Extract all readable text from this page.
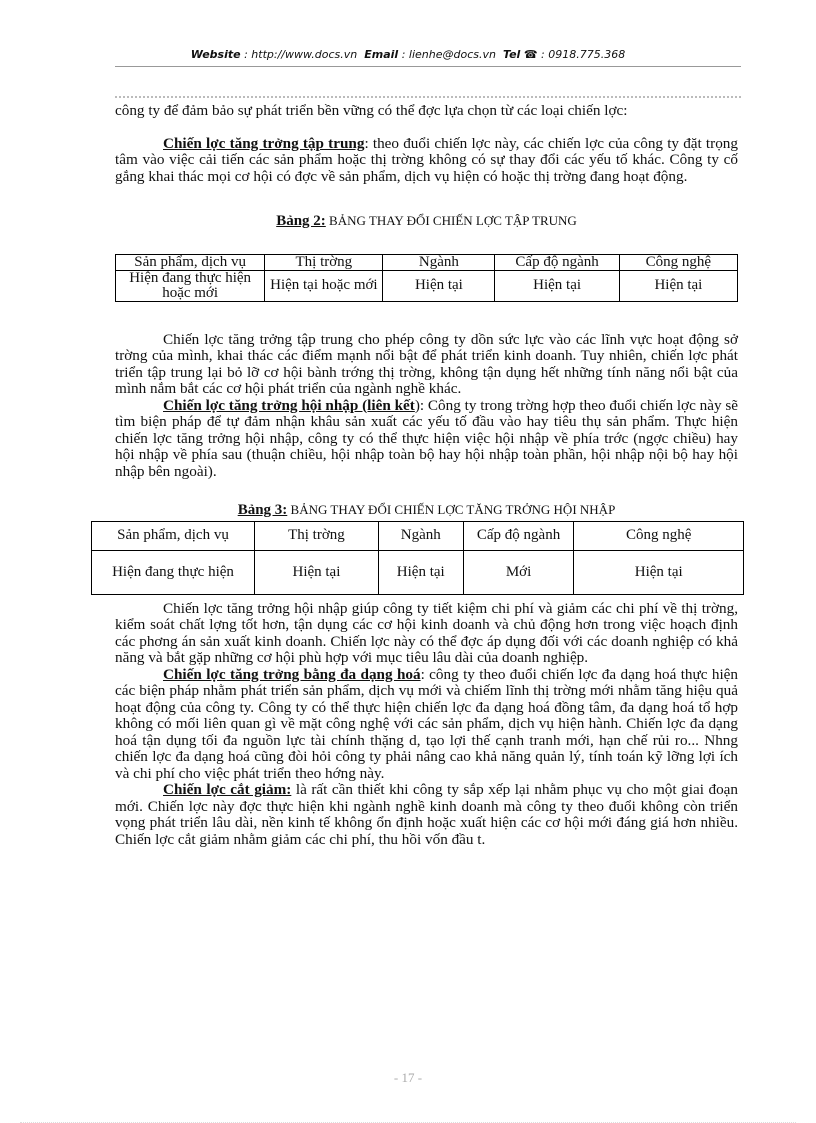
Website : http://www.docs.vn Email : lienhe@docs.vn Tel ☎ : 0918.775.368

công ty để đảm bảo sự phát triển bền vững có thể đợc lựa chọn từ các loại chiến lợc:

Chiến lợc tăng trởng tập trung: theo đuổi chiến lợc này, các chiến lợc của công ty đặt trọng tâm vào việc cải tiến các sản phẩm hoặc thị trờng không có sự thay đổi các yếu tố khác. Công ty cố gắng khai thác mọi cơ hội có đợc về sản phẩm, dịch vụ hiện có hoặc thị trờng đang hoạt động.

Bảng 2: BẢNG THAY ĐỔI CHIẾN LỢC TẬP TRUNG

Sản phẩm, dịch vụ	Thị trờng	Ngành	Cấp độ ngành	Công nghệ
Hiện đang thực hiện hoặc mới	Hiện tại hoặc mới	Hiện tại	Hiện tại	Hiện tại

Chiến lợc tăng trởng tập trung cho phép công ty dồn sức lực vào các lĩnh vực hoạt động sở trờng của mình, khai thác các điểm mạnh nổi bật để phát triển kinh doanh. Tuy nhiên, chiến lợc phát triển tập trung lại bỏ lỡ cơ hội bành trớng thị trờng, không tận dụng hết những tính năng nổi bật của mình nắm bắt các cơ hội phát triển của ngành nghề khác.

Chiến lợc tăng trởng hội nhập (liên kết): Công ty trong trờng hợp theo đuổi chiến lợc này sẽ tìm biện pháp để tự đảm nhận khâu sản xuất các yếu tố đầu vào hay tiêu thụ sản phẩm. Thực hiện chiến lợc tăng trởng hội nhập, công ty có thể thực hiện việc hội nhập về phía trớc (ngợc chiều) hay hội nhập về phía sau (thuận chiều, hội nhập toàn bộ hay hội nhập toàn phần, hội nhập nội bộ hay hội nhập bên ngoài).

Bảng 3: BẢNG THAY ĐỔI CHIẾN LỢC TĂNG TRỞNG HỘI NHẬP

Sản phẩm, dịch vụ	Thị trờng	Ngành	Cấp độ ngành	Công nghệ
Hiện đang thực hiện	Hiện tại	Hiện tại	Mới	Hiện tại

Chiến lợc tăng trởng hội nhập giúp công ty tiết kiệm chi phí và giảm các chi phí về thị trờng, kiểm soát chất lợng tốt hơn, tận dụng các cơ hội kinh doanh và chủ động hơn trong việc hoạch định các phơng án sản xuất kinh doanh. Chiến lợc này có thể đợc áp dụng đối với các doanh nghiệp có khả năng và bắt gặp những cơ hội phù hợp với mục tiêu lâu dài của doanh nghiệp.

Chiến lợc tăng trởng bằng đa dạng hoá: công ty theo đuổi chiến lợc đa dạng hoá thực hiện các biện pháp nhằm phát triển sản phẩm, dịch vụ mới và chiếm lĩnh thị trờng mới nhằm tăng hiệu quả hoạt động của công ty. Công ty có thể thực hiện chiến lợc đa dạng hoá đồng tâm, đa dạng hoá tổ hợp không có mối liên quan gì về mặt công nghệ với các sản phẩm, dịch vụ hiện hành. Chiến lợc đa dạng hoá tận dụng tối đa nguồn lực tài chính thặng d, tạo lợi thế cạnh tranh mới, hạn chế rủi ro... Nhng chiến lợc đa dạng hoá cũng đòi hỏi công ty phải nâng cao khả năng quản lý, tính toán kỹ lỡng lợi ích và chi phí cho việc phát triển theo hớng này.

Chiến lợc cắt giảm: là rất cần thiết khi công ty sắp xếp lại nhằm phục vụ cho một giai đoạn mới. Chiến lợc này đợc thực hiện khi ngành nghề kinh doanh mà công ty theo đuổi không còn triển vọng phát triển lâu dài, nền kinh tế không ổn định hoặc xuất hiện các cơ hội mới đáng giá hơn nhiều. Chiến lợc cắt giảm nhằm giảm các chi phí, thu hồi vốn đầu t.

- 17 -
